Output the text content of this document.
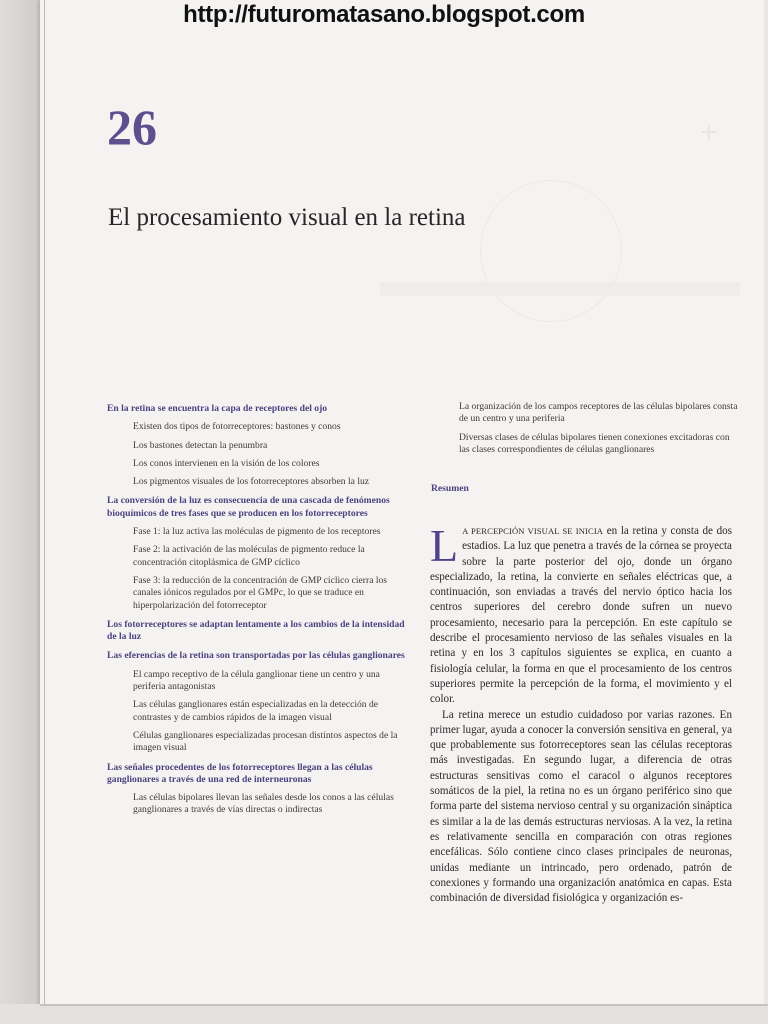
http://futuromatasano.blogspot.com
+
26
El procesamiento visual en la retina
En la retina se encuentra la capa de receptores del ojo
Existen dos tipos de fotorreceptores: bastones y conos
Los bastones detectan la penumbra
Los conos intervienen en la visión de los colores
Los pigmentos visuales de los fotorreceptores absorben la luz
La conversión de la luz es consecuencia de una cascada de fenómenos bioquímicos de tres fases que se producen en los fotorreceptores
Fase 1: la luz activa las moléculas de pigmento de los receptores
Fase 2: la activación de las moléculas de pigmento reduce la concentración citoplásmica de GMP cíclico
Fase 3: la reducción de la concentración de GMP cíclico cierra los canales iónicos regulados por el GMPc, lo que se traduce en hiperpolarización del fotorreceptor
Los fotorreceptores se adaptan lentamente a los cambios de la intensidad de la luz
Las eferencias de la retina son transportadas por las células ganglionares
El campo receptivo de la célula ganglionar tiene un centro y una periferia antagonistas
Las células ganglionares están especializadas en la detección de contrastes y de cambios rápidos de la imagen visual
Células ganglionares especializadas procesan distintos aspectos de la imagen visual
Las señales procedentes de los fotorreceptores llegan a las células ganglionares a través de una red de interneuronas
Las células bipolares llevan las señales desde los conos a las células ganglionares a través de vías directas o indirectas
La organización de los campos receptores de las células bipolares consta de un centro y una periferia
Diversas clases de células bipolares tienen conexiones excitadoras con las clases correspondientes de células ganglionares
Resumen

L A PERCEPCIÓN VISUAL SE INICIA en la retina y consta de dos estadios. La luz que penetra a través de la córnea se proyecta sobre la parte posterior del ojo, donde un órgano especializado, la retina, la convierte en señales eléctricas que, a continuación, son enviadas a través del nervio óptico hacia los centros superiores del cerebro donde sufren un nuevo procesamiento, necesario para la percepción. En este capítulo se describe el procesamiento nervioso de las señales visuales en la retina y en los 3 capítulos siguientes se explica, en cuanto a fisiología celular, la forma en que el procesamiento de los centros superiores permite la percepción de la forma, el movimiento y el color.

La retina merece un estudio cuidadoso por varias razones. En primer lugar, ayuda a conocer la conversión sensitiva en general, ya que probablemente sus fotorreceptores sean las células receptoras más investigadas. En segundo lugar, a diferencia de otras estructuras sensitivas como el caracol o algunos receptores somáticos de la piel, la retina no es un órgano periférico sino que forma parte del sistema nervioso central y su organización sináptica es similar a la de las demás estructuras nerviosas. A la vez, la retina es relativamente sencilla en comparación con otras regiones encefálicas. Sólo contiene cinco clases principales de neuronas, unidas mediante un intrincado, pero ordenado, patrón de conexiones y formando una organización anatómica en capas. Esta combinación de diversidad fisiológica y organización es-
